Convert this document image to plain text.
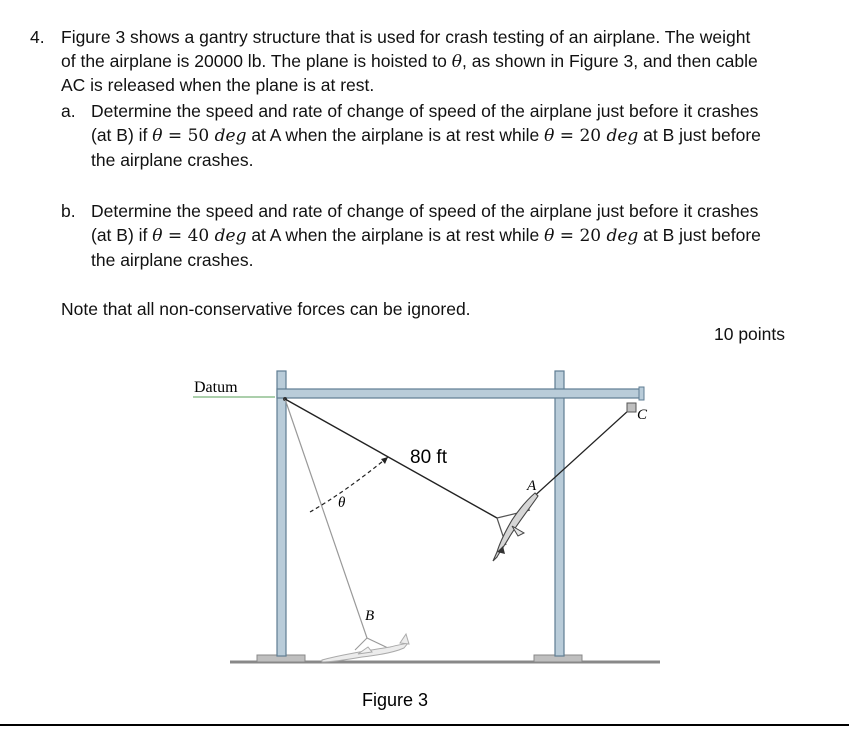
4. Figure 3 shows a gantry structure that is used for crash testing of an airplane. The weight
of the airplane is 20000 lb. The plane is hoisted to θ, as shown in Figure 3, and then cable
AC is released when the plane is at rest.
a. Determine the speed and rate of change of speed of the airplane just before it crashes
(at B) if θ = 50 deg at A when the airplane is at rest while θ = 20 deg at B just before
the airplane crashes.
b. Determine the speed and rate of change of speed of the airplane just before it crashes
(at B) if θ = 40 deg at A when the airplane is at rest while θ = 20 deg at B just before
the airplane crashes.
Note that all non-conservative forces can be ignored.
10 points
Datum
θ
80 ft
A
B
C
Figure 3
